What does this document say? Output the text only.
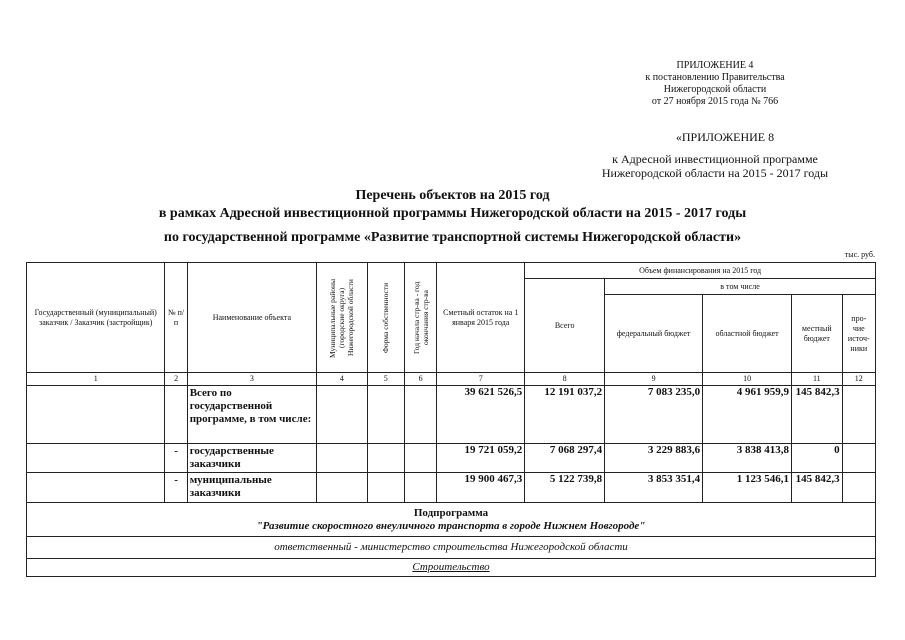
ПРИЛОЖЕНИЕ 4
к постановлению Правительства
Нижегородской области
от 27 ноября 2015 года № 766
«ПРИЛОЖЕНИЕ 8
к Адресной инвестиционной программе
Нижегородской области на 2015 - 2017 годы
Перечень объектов на 2015 год
в рамках Адресной инвестиционной программы Нижегородской области на 2015 - 2017 годы
по государственной программе «Развитие транспортной системы Нижегородской области»
тыс. руб.
Государственный (муниципальный) заказчик / Заказчик (застройщик)	№ п/п	Наименование объекта	Муниципальные районы (городские округа) Нижегородской области	Форма собственности	Год начала стр-ва - год окончания стр-ва	Сметный остаток на 1 января 2015 года	Объем финансирования на 2015 год				
							Всего	в том числе			
								федеральный бюджет	областной бюджет	местный бюджет	про- чие источ- ники
1	2	3	4	5	6	7	8	9	10	11	12
		Всего по государственной программе, в том числе:				39 621 526,5	12 191 037,2	7 083 235,0	4 961 959,9	145 842,3	
	-	государственные заказчики				19 721 059,2	7 068 297,4	3 229 883,6	3 838 413,8	0	
	-	муниципальные заказчики				19 900 467,3	5 122 739,8	3 853 351,4	1 123 546,1	145 842,3	

Подпрограмма
"Развитие скоростного внеуличного транспорта в городе Нижнем Новгороде"											

ответственный - министерство строительства Нижегородской области											
Строительство											
